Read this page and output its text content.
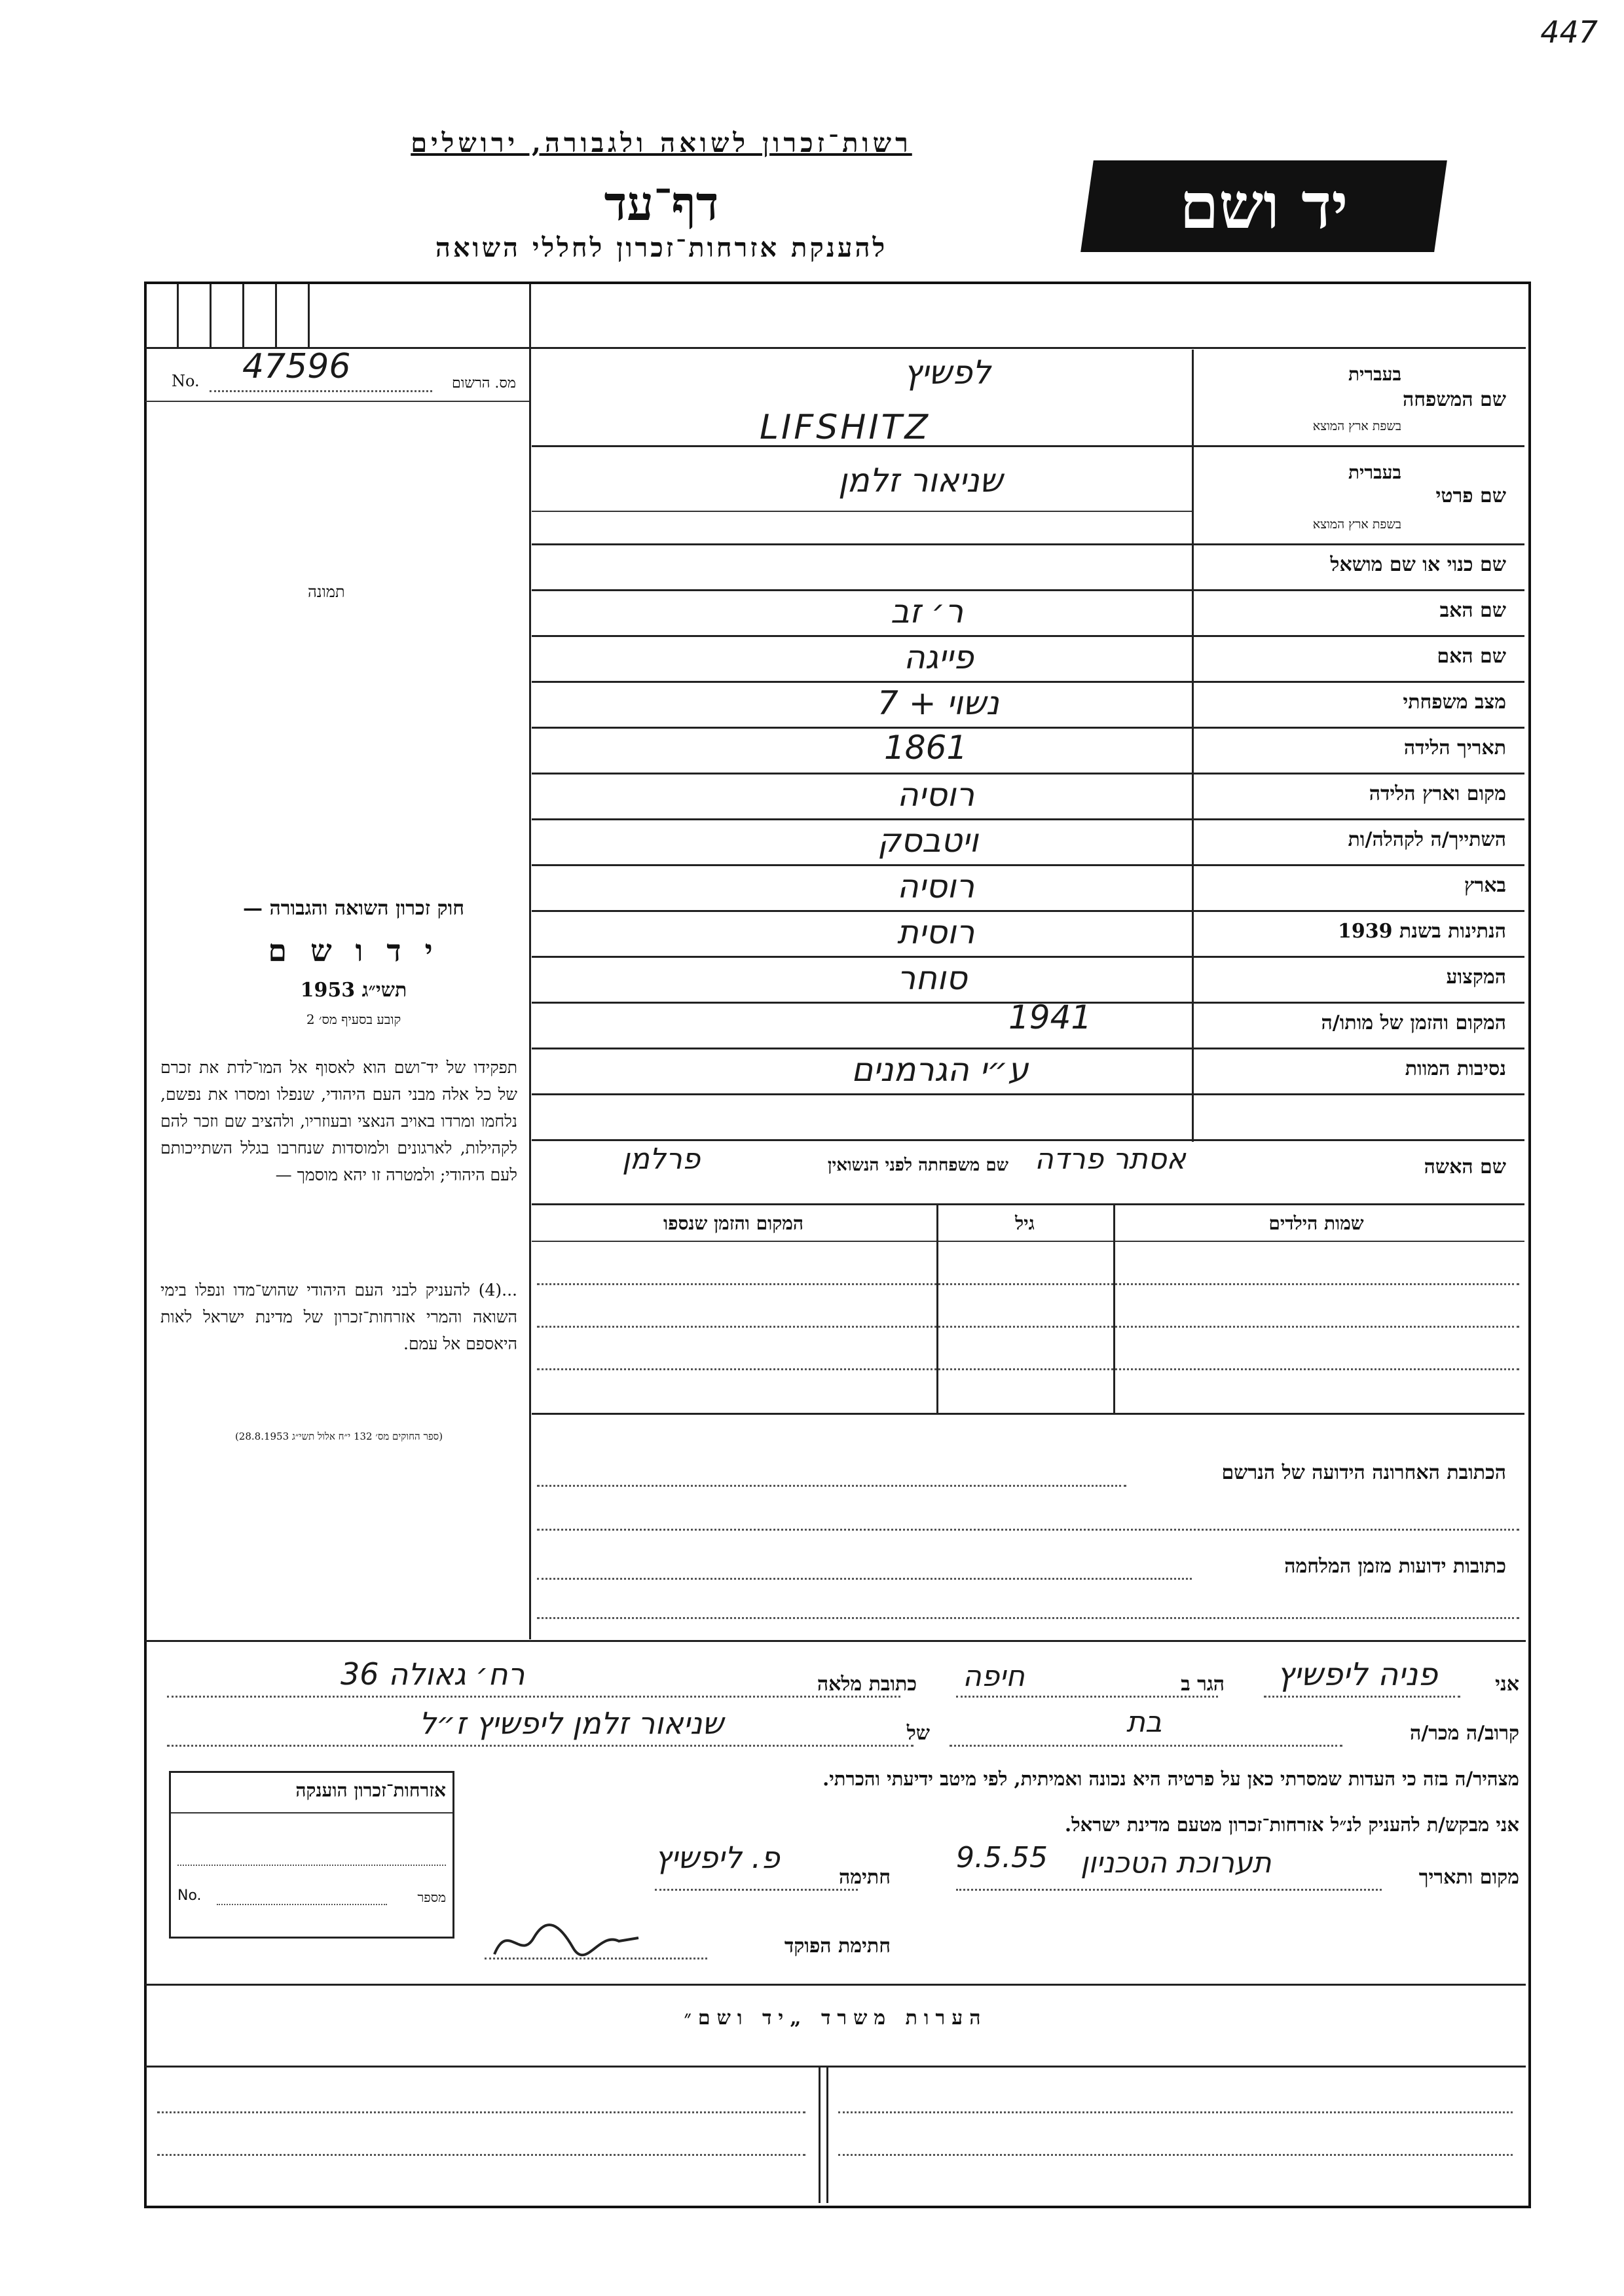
447
רשות־זכרון לשואה ולגבורה, ירושלים
דף־עד
להענקת אזרחות־זכרון לחללי השואה
יד ושם
No.	מס. הרשום
47596
תמונה
חוק זכרון השואה והגבורה —
י ד ו ש ם
תשי״ג 1953
קובע בסעיף מס׳ 2
תפקידו של יד־ושם הוא לאסוף אל המו־לדת את זכרם של כל אלה מבני העם היהודי, שנפלו ומסרו את נפשם, נלחמו ומרדו באויב הנאצי ובעוזריו, ולהציב שם וזכר להם לקהילות, לארגונים ולמוסדות שנחרבו בגלל השתייכותם לעם היהודי; ולמטרה זו יהא מוסמך —
...(4) להעניק לבני העם היהודי שהוש־מדו ונפלו בימי השואה והמרי אזרחות־זכרון של מדינת ישראל לאות היאספם אל עמם.
(ספר החוקים מס׳ 132 י״ח אלול תשי״ג 28.8.1953)
שם המשפחה
בעברית
בשפת ארץ המוצא
לפשיץ
LIFSHITZ
שם פרטי
בעברית
בשפת ארץ המוצא
שניאור זלמן
שם כנוי או שם מושאל
שם האב
ר׳ זב
שם האם
פייגה
מצב משפחתי
נשוי + 7
תאריך הלידה
1861
מקום וארץ הלידה
רוסיה
השתייך/ה לקהלה/ות
ויטבסק
בארץ
רוסיה
הנתינות בשנת 1939
רוסית
המקצוע
סוחר
המקום והזמן של מותו/ה
1941
נסיבות המוות
ע״י הגרמנים
שם האשה
אסתר פרדה
שם משפחתה לפני הנשואין
פרלמן
שמות הילדים
גיל
המקום והזמן שנספו
הכתובת האחרונה הידועה של הנרשם
כתובות ידועות מזמן המלחמה
אני
פניה ליפשיץ
הגר ב
חיפה
כתובת מלאה
רח׳ גאולה 36
קרוב/ה מכר/ה
בת
של
שניאור זלמן ליפשיץ ז״ל
מצהיר/ה בזה כי העדות שמסרתי כאן על פרטיה היא נכונה ואמיתית, לפי מיטב ידיעתי והכרתי.
אני מבקש/ת להעניק לנ״ל אזרחות־זכרון מטעם מדינת ישראל.
מקום ותאריך
תערוכת הטכניון
9.5.55
חתימה
פ. ליפשיץ
חתימת הפוקד
אזרחות־זכרון הוענקה
No.	מספר
הערות משרד „יד ושם״
